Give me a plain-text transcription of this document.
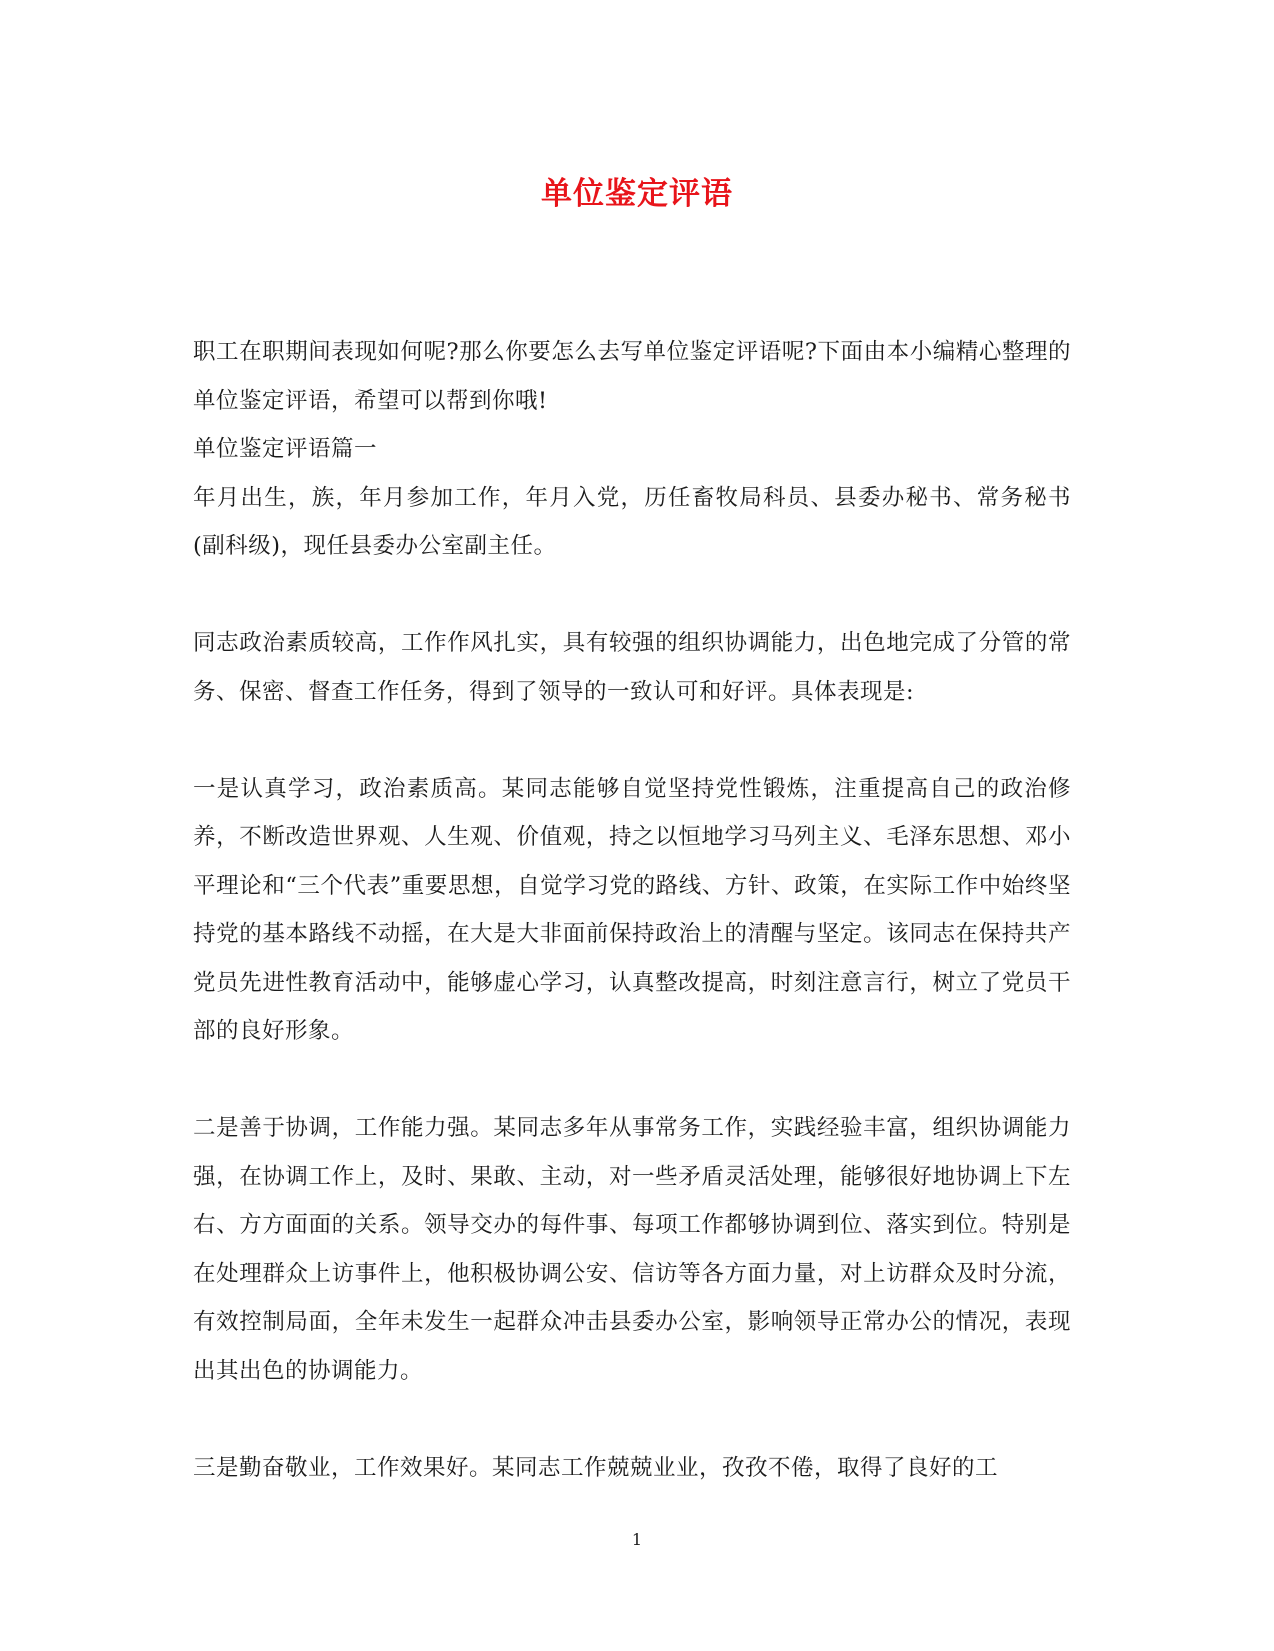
单位鉴定评语

职工在职期间表现如何呢?那么你要怎么去写单位鉴定评语呢?下面由本小编精心整理的单位鉴定评语，希望可以帮到你哦!

单位鉴定评语篇一

年月出生，族，年月参加工作，年月入党，历任畜牧局科员、县委办秘书、常务秘书(副科级)，现任县委办公室副主任。

同志政治素质较高，工作作风扎实，具有较强的组织协调能力，出色地完成了分管的常务、保密、督查工作任务，得到了领导的一致认可和好评。具体表现是:

一是认真学习，政治素质高。某同志能够自觉坚持党性锻炼，注重提高自己的政治修养，不断改造世界观、人生观、价值观，持之以恒地学习马列主义、毛泽东思想、邓小平理论和“三个代表”重要思想，自觉学习党的路线、方针、政策，在实际工作中始终坚持党的基本路线不动摇，在大是大非面前保持政治上的清醒与坚定。该同志在保持共产党员先进性教育活动中，能够虚心学习，认真整改提高，时刻注意言行，树立了党员干部的良好形象。

二是善于协调，工作能力强。某同志多年从事常务工作，实践经验丰富，组织协调能力强，在协调工作上，及时、果敢、主动，对一些矛盾灵活处理，能够很好地协调上下左右、方方面面的关系。领导交办的每件事、每项工作都够协调到位、落实到位。特别是在处理群众上访事件上，他积极协调公安、信访等各方面力量，对上访群众及时分流，有效控制局面，全年未发生一起群众冲击县委办公室，影响领导正常办公的情况，表现出其出色的协调能力。

三是勤奋敬业，工作效果好。某同志工作兢兢业业，孜孜不倦，取得了良好的工

1
